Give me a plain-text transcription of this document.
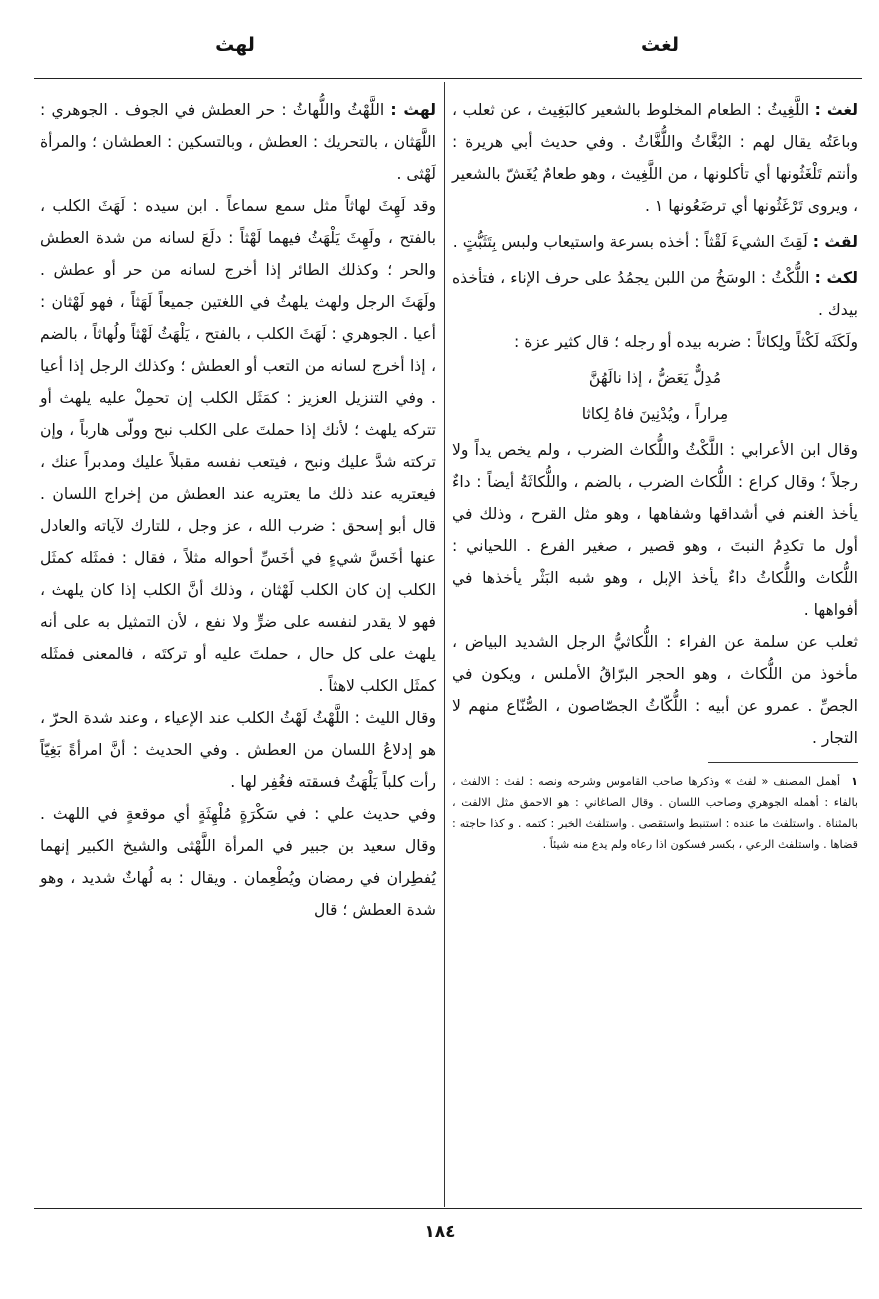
لغث
لهث

لغث : اللَّغِيثُ : الطعام المخلوط بالشعير كالبَغِيث ، عن ثعلب ، وباعَتُه يقال لهم : البُغَّاثُ واللُّغَّاثُ . وفي حديث أبي هريرة : وأنتم تَلْغَثُونها أي تأكلونها ، من اللَّغِيث ، وهو طعامٌ يُغَشّ بالشعير ، ويروى تَرْغَثُونها أي ترضَعُونها ١ .

لقث : لَقِثَ الشيءَ لَقْثاً : أخذه بسرعة واستيعاب ولبس بِتَثَبُّتٍ .

لكث : اللُّكْثُ : الوسَخُ من اللبن يجمُدُ على حرف الإناء ، فتأخذه بيدك .

ولَكَثَه لَكْثاً ولِكاثاً : ضربه بيده أو رجله ؛ قال كثير عزة :

مُدِلٌّ يَعَضُّ ، إذا نالَهُنَّ
مِراراً ، ويُدْنِينَ فاهُ لِكاثا

وقال ابن الأعرابي : اللَّكْثُ واللُّكاث الضرب ، ولم يخص يداً ولا رجلاً ؛ وقال كراع : اللُّكاث الضرب ، بالضم ، واللُّكاثَةُ أيضاً : داءٌ يأخذ الغنم في أشداقها وشفاهها ، وهو مثل القرح ، وذلك في أول ما تكدِمُ النبتَ ، وهو قصير ، صغير الفرع . اللحياني : اللُّكاث واللُّكاثُ داءٌ يأخذ الإبل ، وهو شبه البَثْر يأخذها في أفواهها .

ثعلب عن سلمة عن الفراء : اللُّكاثيُّ الرجل الشديد البياض ، مأخوذ من اللُّكاث ، وهو الحجر البرّاقُ الأملس ، ويكون في الجصِّ . عمرو عن أبيه : اللُّكّاثُ الجصّاصون ، الصُّنّاع منهم لا التجار .

١ أهمل المصنف « لفث » وذكرها صاحب القاموس وشرحه ونصه : لفث : الالفث ، بالفاء : أهمله الجوهري وصاحب اللسان . وقال الصاغاني : هو الاحمق مثل الالفت ، بالمثناة . واستلفث ما عنده : استنبط واستقصى . واستلفث الخبر : كتمه . و كذا حاجته : قضاها . واستلفث الرعي ، بكسر فسكون اذا رعاه ولم يدع منه شيئاً .

لهث : اللَّهْثُ واللُّهاثُ : حر العطش في الجوف . الجوهري : اللَّهَثان ، بالتحريك : العطش ، وبالتسكين : العطشان ؛ والمرأة لَهْثى .

وقد لَهِثَ لهاثاً مثل سمع سماعاً . ابن سيده : لَهَثَ الكلب ، بالفتح ، ولَهِثَ يَلْهَثُ فيهما لَهْثاً : دلَعَ لسانه من شدة العطش والحر ؛ وكذلك الطائر إذا أخرج لسانه من حر أو عطش . ولَهَثَ الرجل ولهث يلهثُ في اللغتين جميعاً لَهَثاً ، فهو لَهْثان : أعيا . الجوهري : لَهَثَ الكلب ، بالفتح ، يَلْهَثُ لَهْثاً ولُهاثاً ، بالضم ، إذا أخرج لسانه من التعب أو العطش ؛ وكذلك الرجل إذا أعيا . وفي التنزيل العزيز : كمَثَل الكلب إن تحمِلْ عليه يلهث أو تتركه يلهث ؛ لأنك إذا حملتَ على الكلب نبح وولّى هارباً ، وإن تركته شدَّ عليك ونبح ، فيتعب نفسه مقبلاً عليك ومدبراً عنك ، فيعتريه عند ذلك ما يعتريه عند العطش من إخراج اللسان . قال أبو إسحق : ضرب الله ، عز وجل ، للتارك لآياته والعادل عنها أخَسَّ شيءٍ في أخَسِّ أحواله مثلاً ، فقال : فمثَله كمثَل الكلب إن كان الكلب لَهْثان ، وذلك أنَّ الكلب إذا كان يلهث ، فهو لا يقدر لنفسه على ضرٍّ ولا نفع ، لأن التمثيل به على أنه يلهث على كل حال ، حملتَ عليه أو تركتَه ، فالمعنى فمثَله كمثَل الكلب لاهثاً .

وقال الليث : اللَّهْثُ لَهْثُ الكلب عند الإعياء ، وعند شدة الحرّ ، هو إدلاعُ اللسان من العطش . وفي الحديث : أنَّ امرأةً بَغِيّاً رأت كلباً يَلْهَثُ فسقته فغُفِر لها .

وفي حديث علي : في سَكْرَةٍ مُلْهِثَةٍ أي موقعةٍ في اللهث . وقال سعيد بن جبير في المرأة اللَّهْثى والشيخ الكبير إنهما يُفطِران في رمضان ويُطْعِمان . ويقال : به لُهاثٌ شديد ، وهو شدة العطش ؛ قال

١٨٤
